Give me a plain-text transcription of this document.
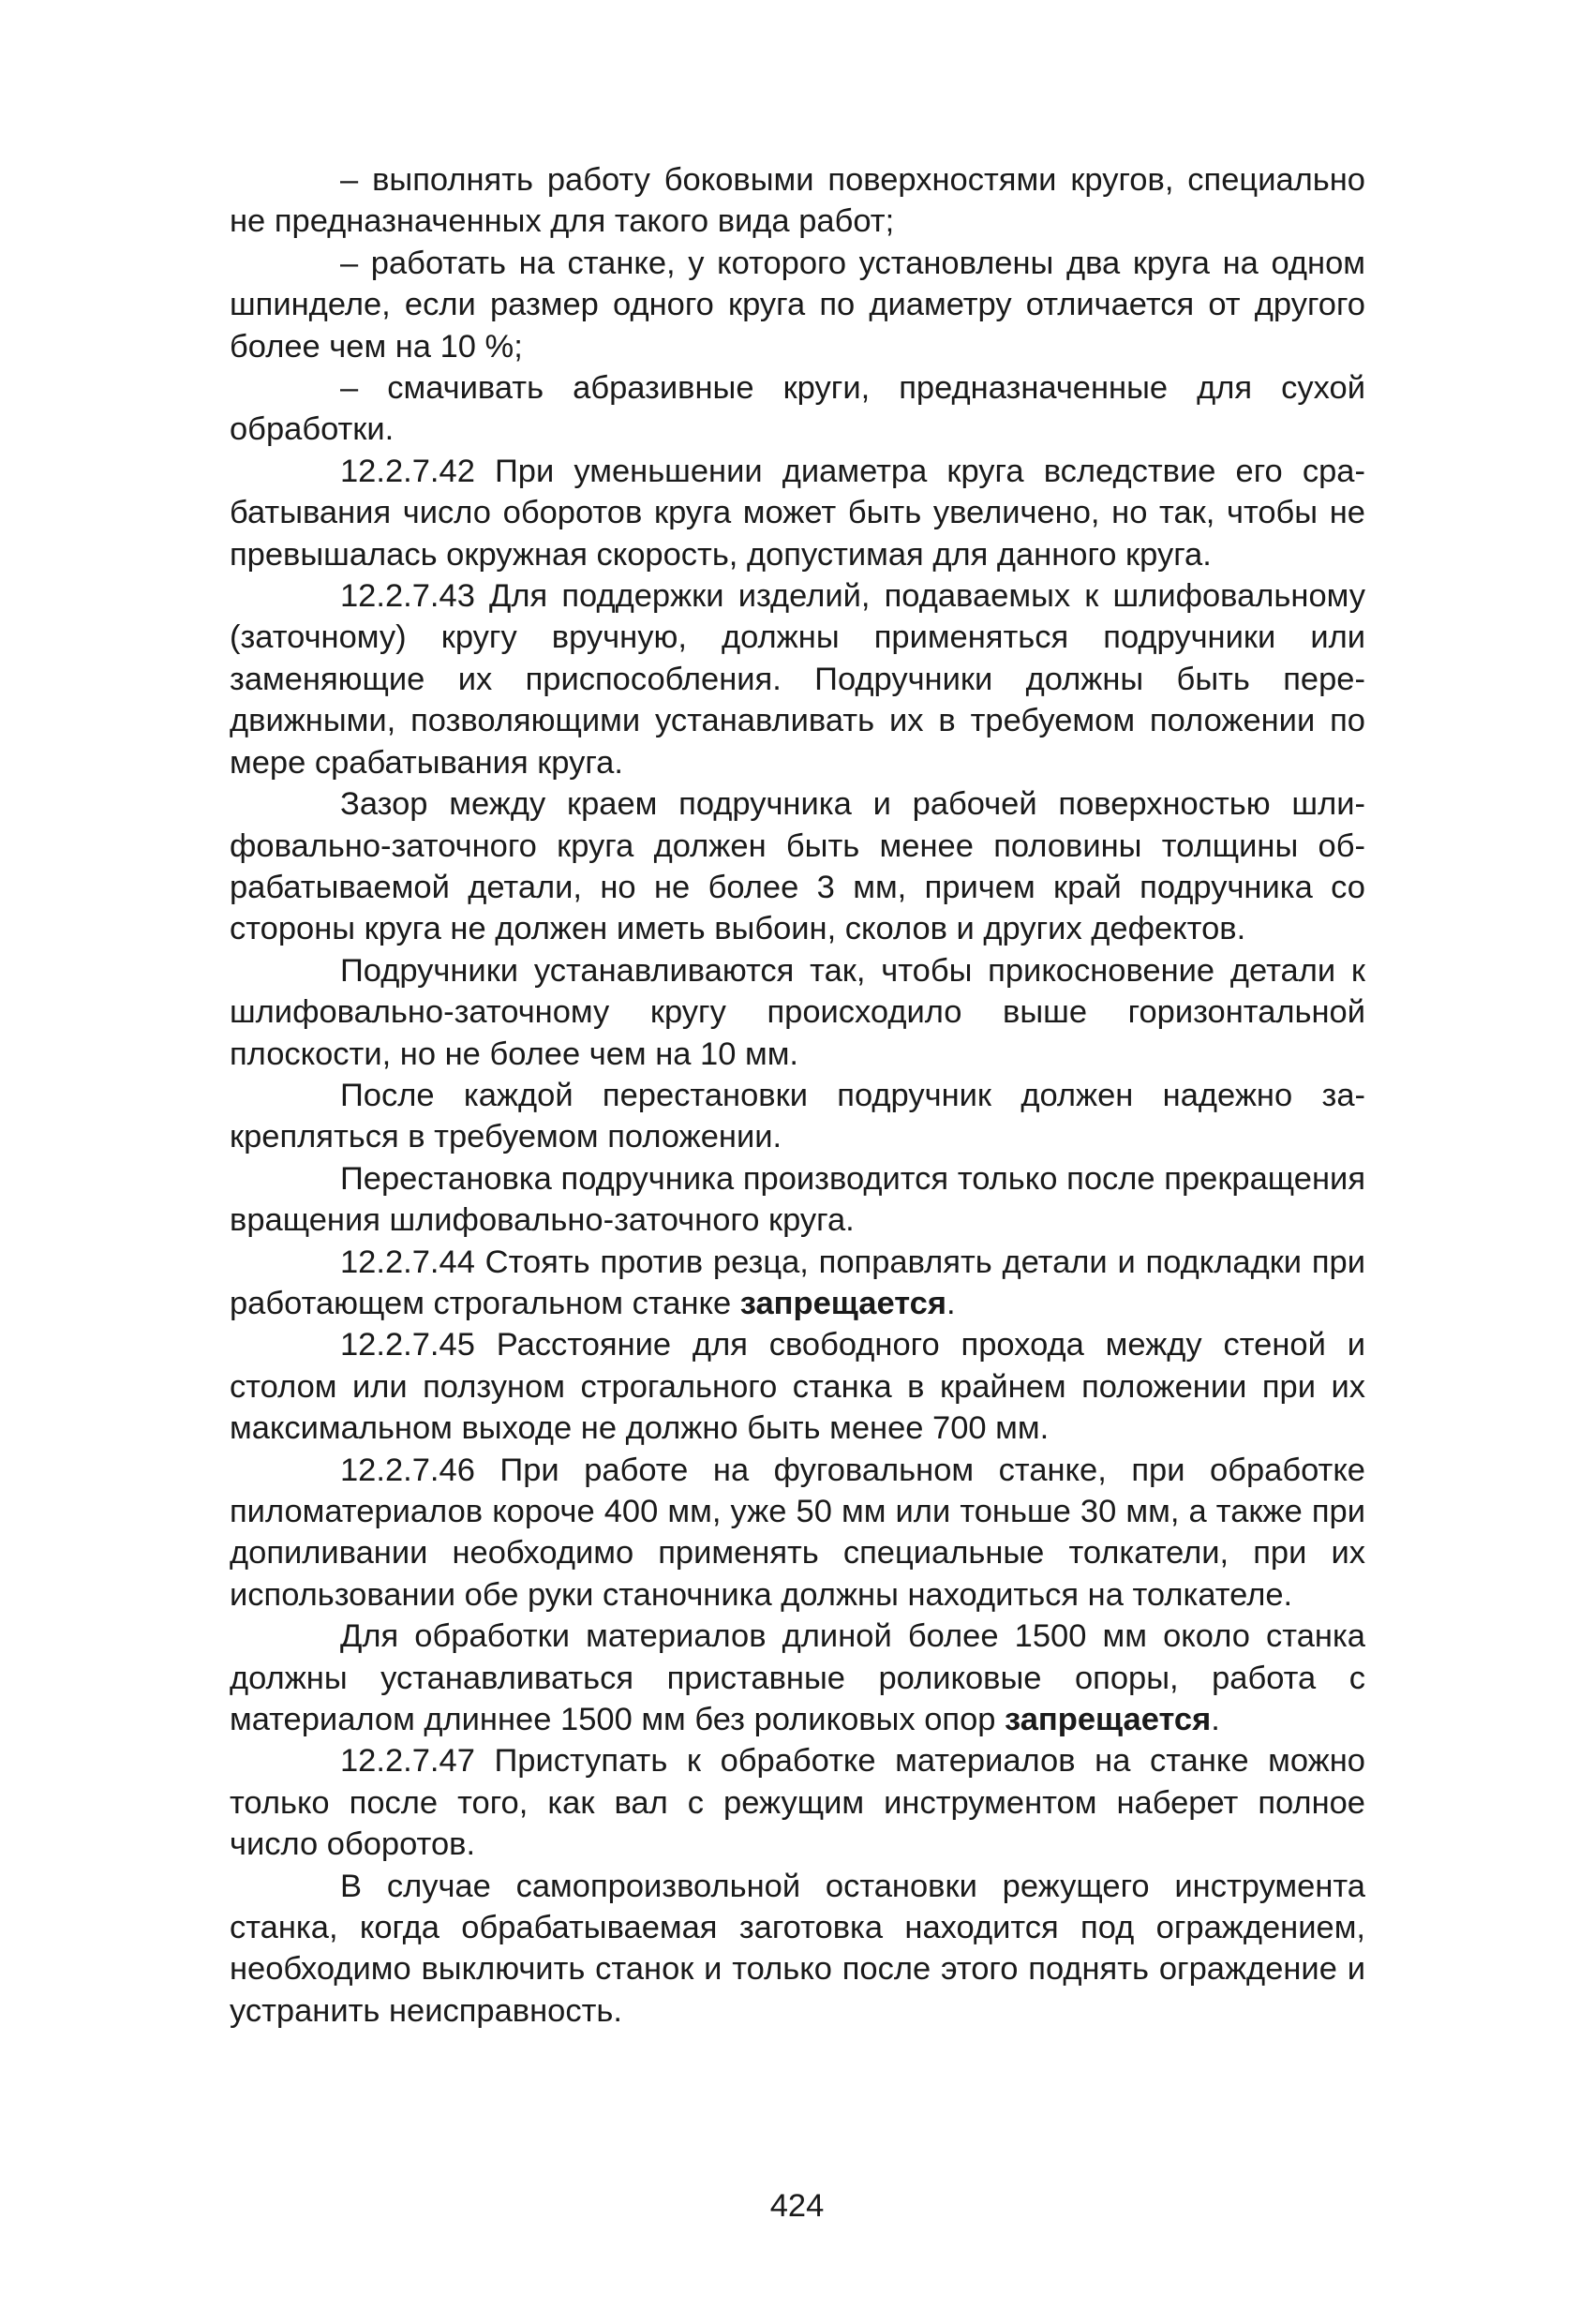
– выполнять работу боковыми поверхностями кругов, специально не предназначенных для такого вида работ;

– работать на станке, у которого установлены два круга на одном шпинделе, если размер одного круга по диаметру отличается от другого более чем на 10 %;

– смачивать абразивные круги, предназначенные для сухой обработки.

12.2.7.42 При уменьшении диаметра круга вследствие его срабатывания число оборотов круга может быть увеличено, но так, чтобы не превышалась окружная скорость, допустимая для данного круга.

12.2.7.43 Для поддержки изделий, подаваемых к шлифовальному (заточному) кругу вручную, должны применяться подручники или заменяющие их приспособления. Подручники должны быть передвижными, позволяющими устанавливать их в требуемом положении по мере срабатывания круга.

Зазор между краем подручника и рабочей поверхностью шлифовально-заточного круга должен быть менее половины толщины обрабатываемой детали, но не более 3 мм, причем край подручника со стороны круга не должен иметь выбоин, сколов и других дефектов.

Подручники устанавливаются так, чтобы прикосновение детали к шлифовально-заточному кругу происходило выше горизонтальной плоскости, но не более чем на 10 мм.

После каждой перестановки подручник должен надежно закрепляться в требуемом положении.

Перестановка подручника производится только после прекращения вращения шлифовально-заточного круга.

12.2.7.44 Стоять против резца, поправлять детали и подкладки при работающем строгальном станке запрещается.

12.2.7.45 Расстояние для свободного прохода между стеной и столом или ползуном строгального станка в крайнем положении при их максимальном выходе не должно быть менее 700 мм.

12.2.7.46 При работе на фуговальном станке, при обработке пиломатериалов короче 400 мм, уже 50 мм или тоньше 30 мм, а также при допиливании необходимо применять специальные толкатели, при их использовании обе руки станочника должны находиться на толкателе.

Для обработки материалов длиной более 1500 мм около станка должны устанавливаться приставные роликовые опоры, работа с материалом длиннее 1500 мм без роликовых опор запрещается.

12.2.7.47 Приступать к обработке материалов на станке можно только после того, как вал с режущим инструментом наберет полное число оборотов.

В случае самопроизвольной остановки режущего инструмента станка, когда обрабатываемая заготовка находится под ограждением, необходимо выключить станок и только после этого поднять ограждение и устранить неисправность.

424
